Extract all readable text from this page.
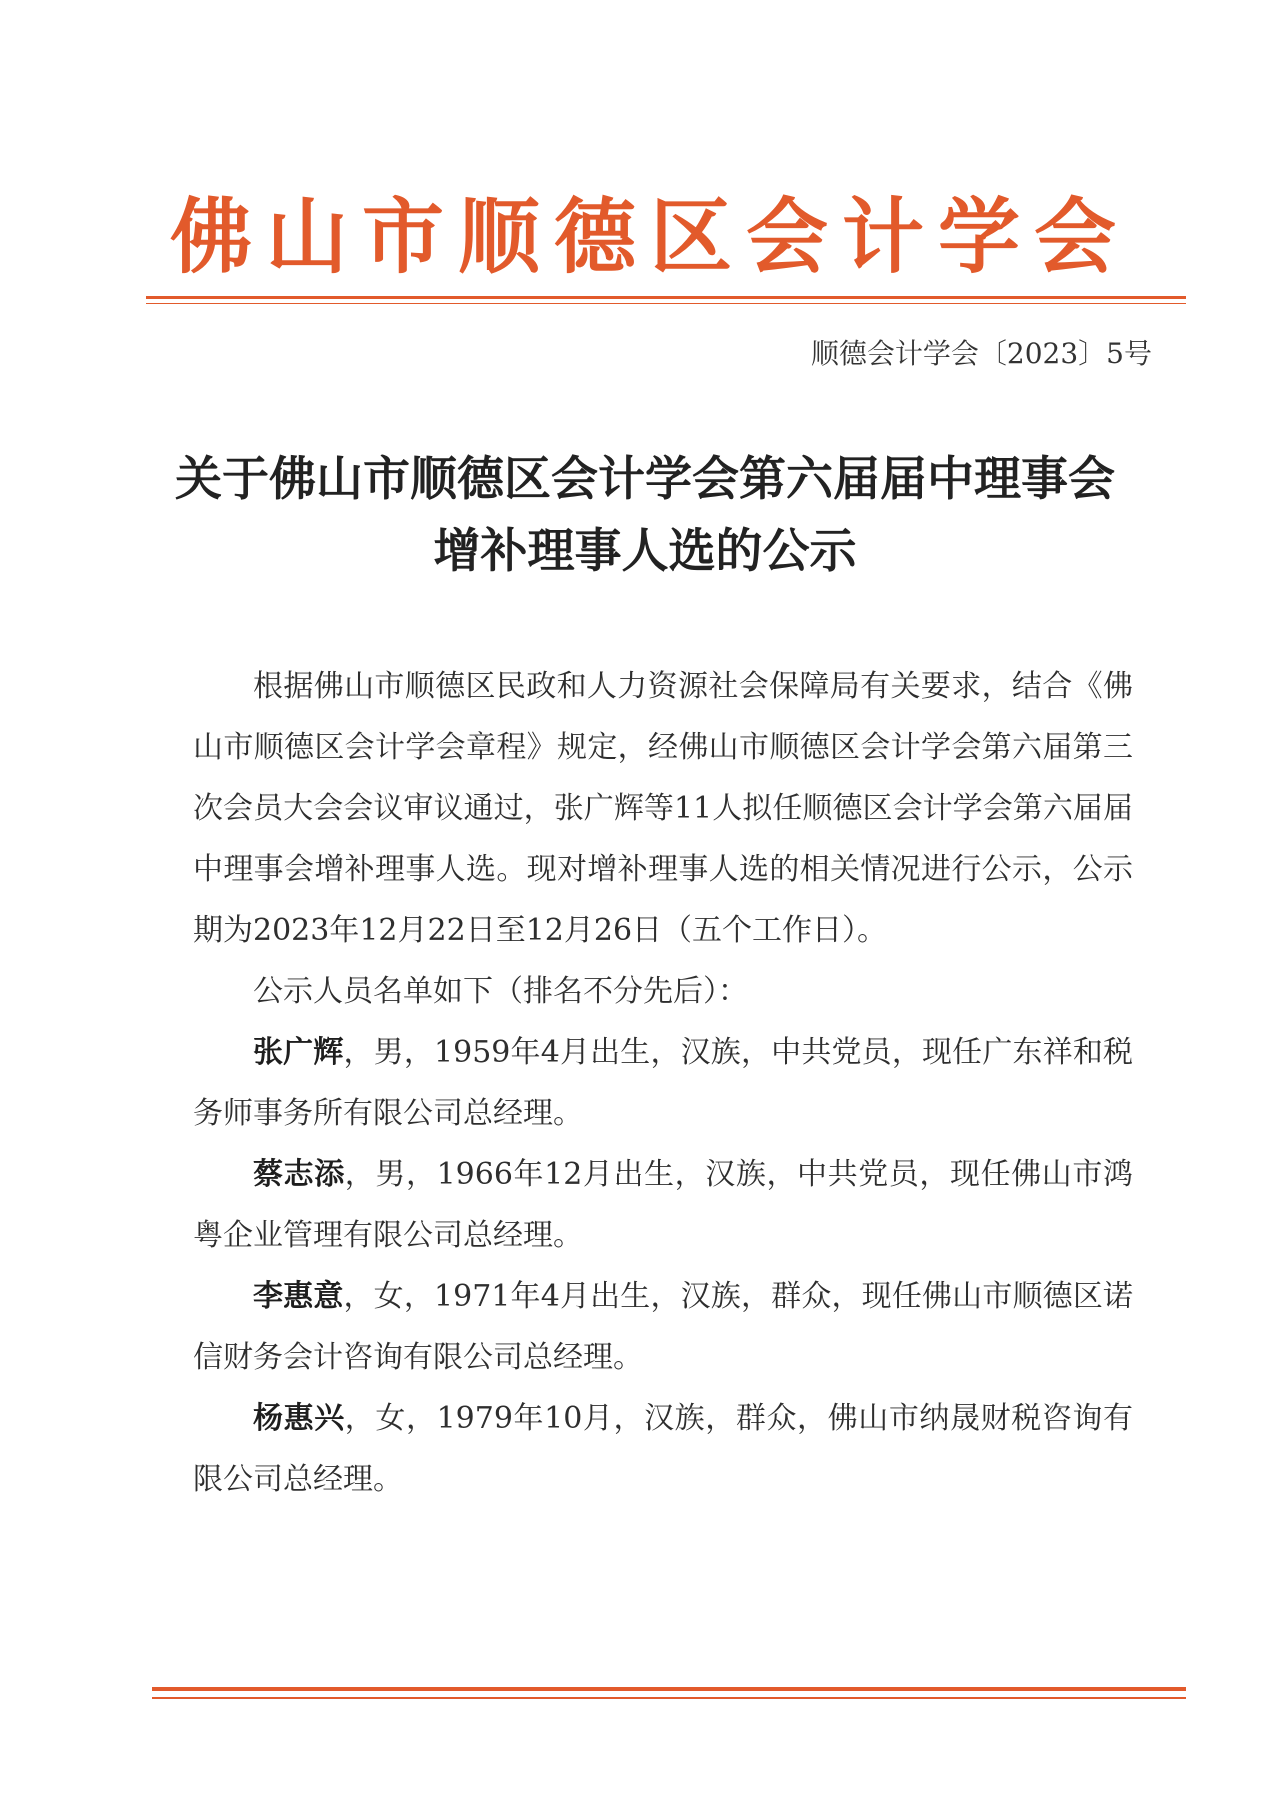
佛山市顺德区会计学会
顺德会计学会〔2023〕5号
关于佛山市顺德区会计学会第六届届中理事会
增补理事人选的公示

根据佛山市顺德区民政和人力资源社会保障局有关要求，结合《佛山市顺德区会计学会章程》规定，经佛山市顺德区会计学会第六届第三次会员大会会议审议通过，张广辉等11人拟任顺德区会计学会第六届届中理事会增补理事人选。现对增补理事人选的相关情况进行公示，公示期为2023年12月22日至12月26日（五个工作日）。

公示人员名单如下（排名不分先后）：

张广辉，男，1959年4月出生，汉族，中共党员，现任广东祥和税务师事务所有限公司总经理。

蔡志添，男，1966年12月出生，汉族，中共党员，现任佛山市鸿粤企业管理有限公司总经理。

李惠意，女，1971年4月出生，汉族，群众，现任佛山市顺德区诺信财务会计咨询有限公司总经理。

杨惠兴，女，1979年10月，汉族，群众，佛山市纳晟财税咨询有限公司总经理。
